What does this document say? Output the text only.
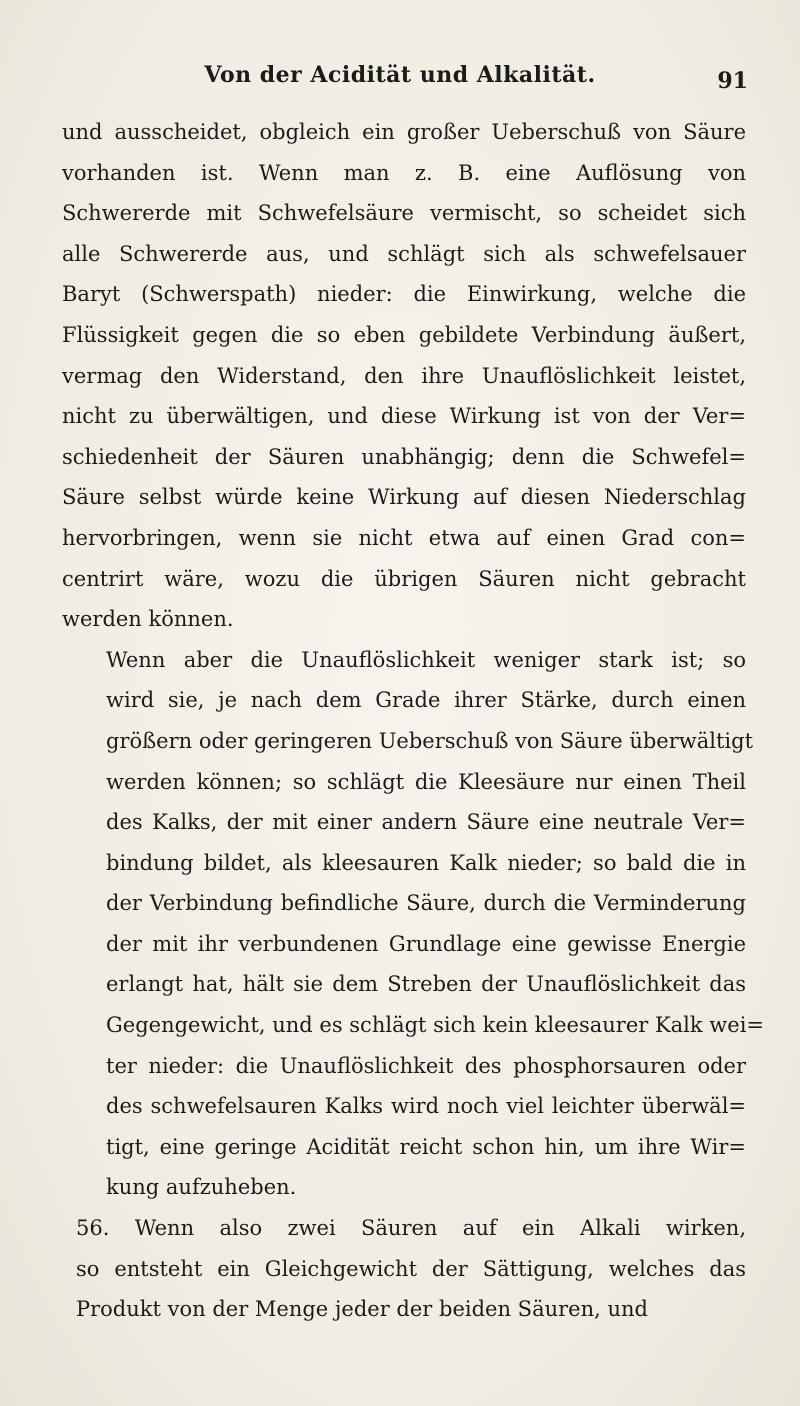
Von der Acidität und Alkalität.	91
und ausscheidet, obgleich ein großer Ueberschuß von Säure
vorhanden ist. Wenn man z. B. eine Auflösung von
Schwererde mit Schwefelsäure vermischt, so scheidet sich
alle Schwererde aus, und schlägt sich als schwefelsauer
Baryt (Schwerspath) nieder: die Einwirkung, welche die
Flüssigkeit gegen die so eben gebildete Verbindung äußert,
vermag den Widerstand, den ihre Unauflöslichkeit leistet,
nicht zu überwältigen, und diese Wirkung ist von der Ver=
schiedenheit der Säuren unabhängig; denn die Schwefel=
Säure selbst würde keine Wirkung auf diesen Niederschlag
hervorbringen, wenn sie nicht etwa auf einen Grad con=
centrirt wäre, wozu die übrigen Säuren nicht gebracht
werden können.
Wenn aber die Unauflöslichkeit weniger stark ist; so
wird sie, je nach dem Grade ihrer Stärke, durch einen
größern oder geringeren Ueberschuß von Säure überwältigt
werden können; so schlägt die Kleesäure nur einen Theil
des Kalks, der mit einer andern Säure eine neutrale Ver=
bindung bildet, als kleesauren Kalk nieder; so bald die in
der Verbindung befindliche Säure, durch die Verminderung
der mit ihr verbundenen Grundlage eine gewisse Energie
erlangt hat, hält sie dem Streben der Unauflöslichkeit das
Gegengewicht, und es schlägt sich kein kleesaurer Kalk wei=
ter nieder: die Unauflöslichkeit des phosphorsauren oder
des schwefelsauren Kalks wird noch viel leichter überwäl=
tigt, eine geringe Acidität reicht schon hin, um ihre Wir=
kung aufzuheben.
56. Wenn also zwei Säuren auf ein Alkali wirken,
so entsteht ein Gleichgewicht der Sättigung, welches das
Produkt von der Menge jeder der beiden Säuren, und
